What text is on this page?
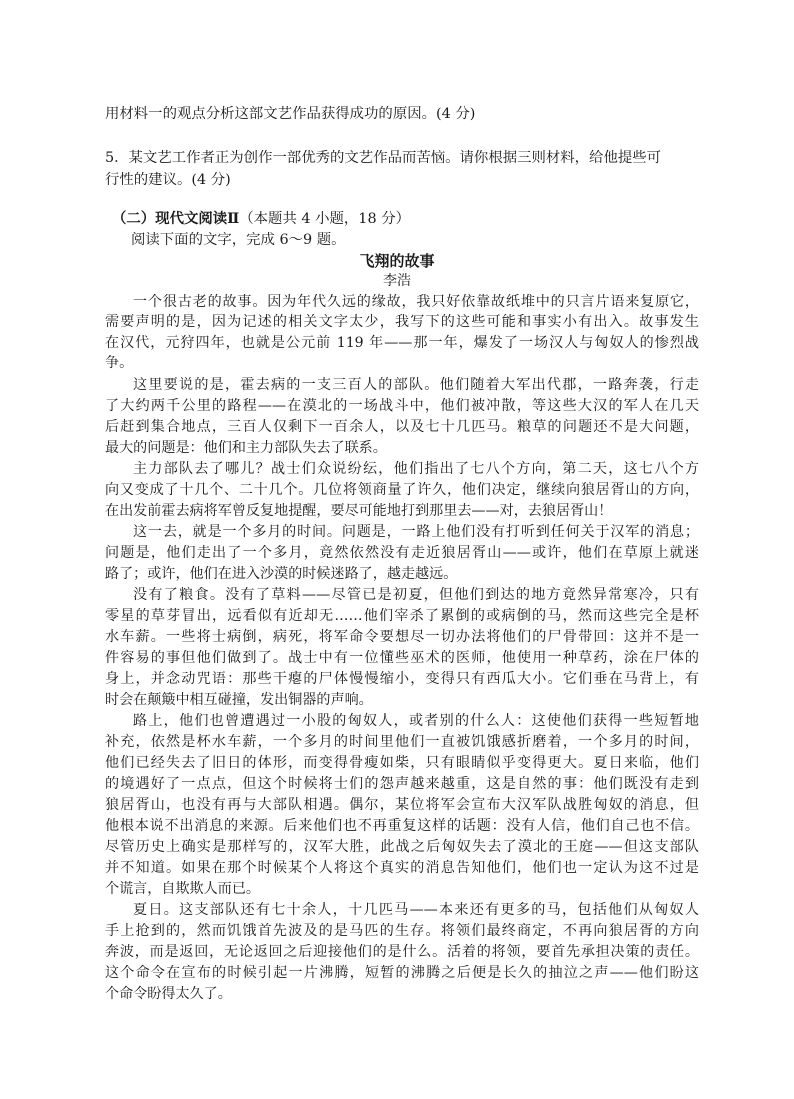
用材料一的观点分析这部文艺作品获得成功的原因。(4 分)
5．某文艺工作者正为创作一部优秀的文艺作品而苦恼。请你根据三则材料，给他提些可
行性的建议。(4 分)
（二）现代文阅读Ⅱ（本题共 4 小题，18 分）
阅读下面的文字，完成 6～9 题。
飞翔的故事
李浩
一个很古老的故事。因为年代久远的缘故，我只好依靠故纸堆中的只言片语来复原它，
需要声明的是，因为记述的相关文字太少，我写下的这些可能和事实小有出入。故事发生
在汉代，元狩四年，也就是公元前 119 年——那一年，爆发了一场汉人与匈奴人的惨烈战
争。
这里要说的是，霍去病的一支三百人的部队。他们随着大军出代郡，一路奔袭，行走
了大约两千公里的路程——在漠北的一场战斗中，他们被冲散，等这些大汉的军人在几天
后赶到集合地点，三百人仅剩下一百余人，以及七十几匹马。粮草的问题还不是大问题，
最大的问题是：他们和主力部队失去了联系。
主力部队去了哪儿？战士们众说纷纭，他们指出了七八个方向，第二天，这七八个方
向又变成了十几个、二十几个。几位将领商量了许久，他们决定，继续向狼居胥山的方向，
在出发前霍去病将军曾反复地提醒，要尽可能地打到那里去——对，去狼居胥山！
这一去，就是一个多月的时间。问题是，一路上他们没有打听到任何关于汉军的消息；
问题是，他们走出了一个多月，竟然依然没有走近狼居胥山——或许，他们在草原上就迷
路了；或许，他们在进入沙漠的时候迷路了，越走越远。
没有了粮食。没有了草料——尽管已是初夏，但他们到达的地方竟然异常寒冷，只有
零星的草芽冒出，远看似有近却无……他们宰杀了累倒的或病倒的马，然而这些完全是杯
水车薪。一些将士病倒，病死，将军命令要想尽一切办法将他们的尸骨带回：这并不是一
件容易的事但他们做到了。战士中有一位懂些巫术的医师，他使用一种草药，涂在尸体的
身上，并念动咒语：那些干瘪的尸体慢慢缩小，变得只有西瓜大小。它们垂在马背上，有
时会在颠簸中相互碰撞，发出铜器的声响。
路上，他们也曾遭遇过一小股的匈奴人，或者别的什么人：这使他们获得一些短暂地
补充，依然是杯水车薪，一个多月的时间里他们一直被饥饿感折磨着，一个多月的时间，
他们已经失去了旧日的体形，而变得骨瘦如柴，只有眼睛似乎变得更大。夏日来临，他们
的境遇好了一点点，但这个时候将士们的怨声越来越重，这是自然的事：他们既没有走到
狼居胥山，也没有再与大部队相遇。偶尔，某位将军会宣布大汉军队战胜匈奴的消息，但
他根本说不出消息的来源。后来他们也不再重复这样的话题：没有人信，他们自己也不信。
尽管历史上确实是那样写的，汉军大胜，此战之后匈奴失去了漠北的王庭——但这支部队
并不知道。如果在那个时候某个人将这个真实的消息告知他们，他们也一定认为这不过是
个谎言，自欺欺人而已。
夏日。这支部队还有七十余人，十几匹马——本来还有更多的马，包括他们从匈奴人
手上抢到的，然而饥饿首先波及的是马匹的生存。将领们最终商定，不再向狼居胥的方向
奔波，而是返回，无论返回之后迎接他们的是什么。活着的将领，要首先承担决策的责任。
这个命令在宣布的时候引起一片沸腾，短暂的沸腾之后便是长久的抽泣之声——他们盼这
个命令盼得太久了。
